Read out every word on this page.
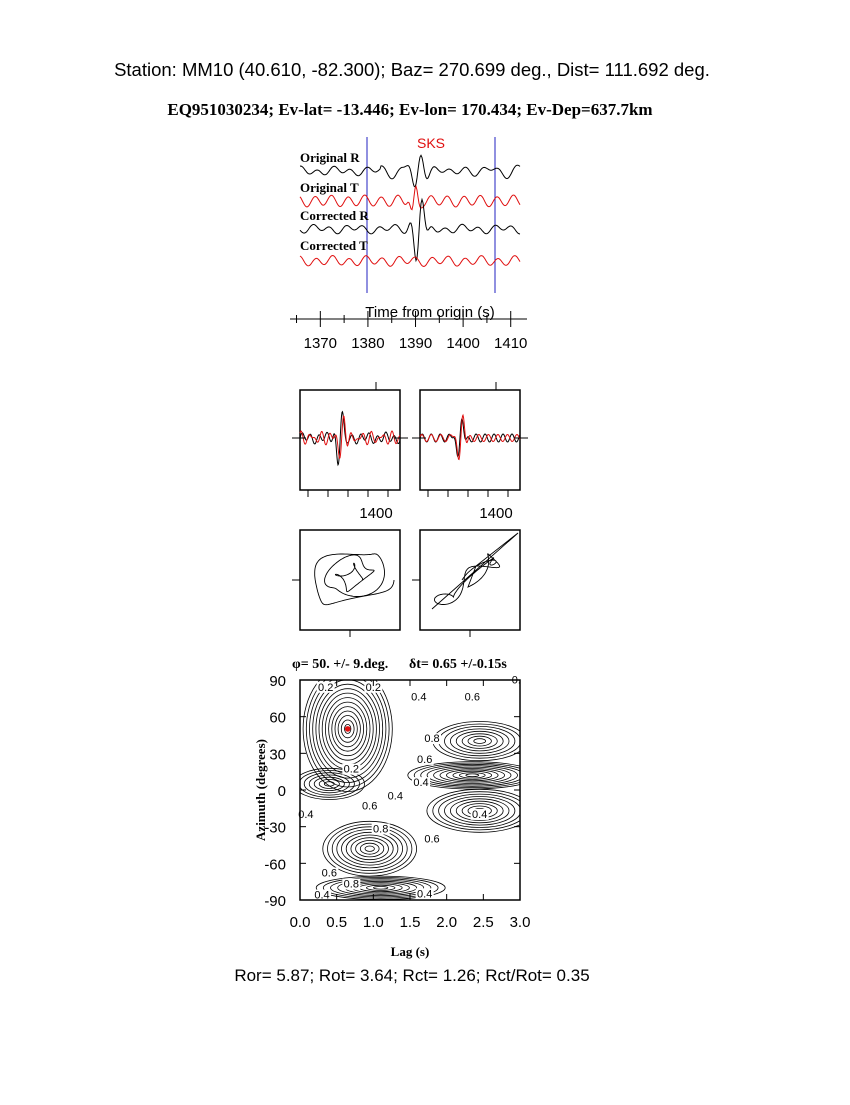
Station: MM10 (40.610, -82.300); Baz= 270.699 deg., Dist= 111.692 deg.
EQ951030234; Ev-lat= -13.446; Ev-lon= 170.434; Ev-Dep=637.7km
SKS
Original R
Original T
Corrected R
Corrected T
Time from origin (s)
1370 1380 1390 1400 1410
1400	1400
φ= 50. +/- 9.deg. δt= 0.65 +/-0.15s
0.2	0.2
0.4	0.6
0.
0.8
0.6
0.2
0.4
0.4
0.6
0.4
0.8
0.6
0.4
0.6
0.8
0.4	0.4
0.0 0.5 1.0 1.5 2.0 2.5 3.0
90
60
30
0
-30
-60
-90
Azimuth (degrees)
Lag (s)
Ror= 5.87; Rot= 3.64; Rct= 1.26; Rct/Rot= 0.35
